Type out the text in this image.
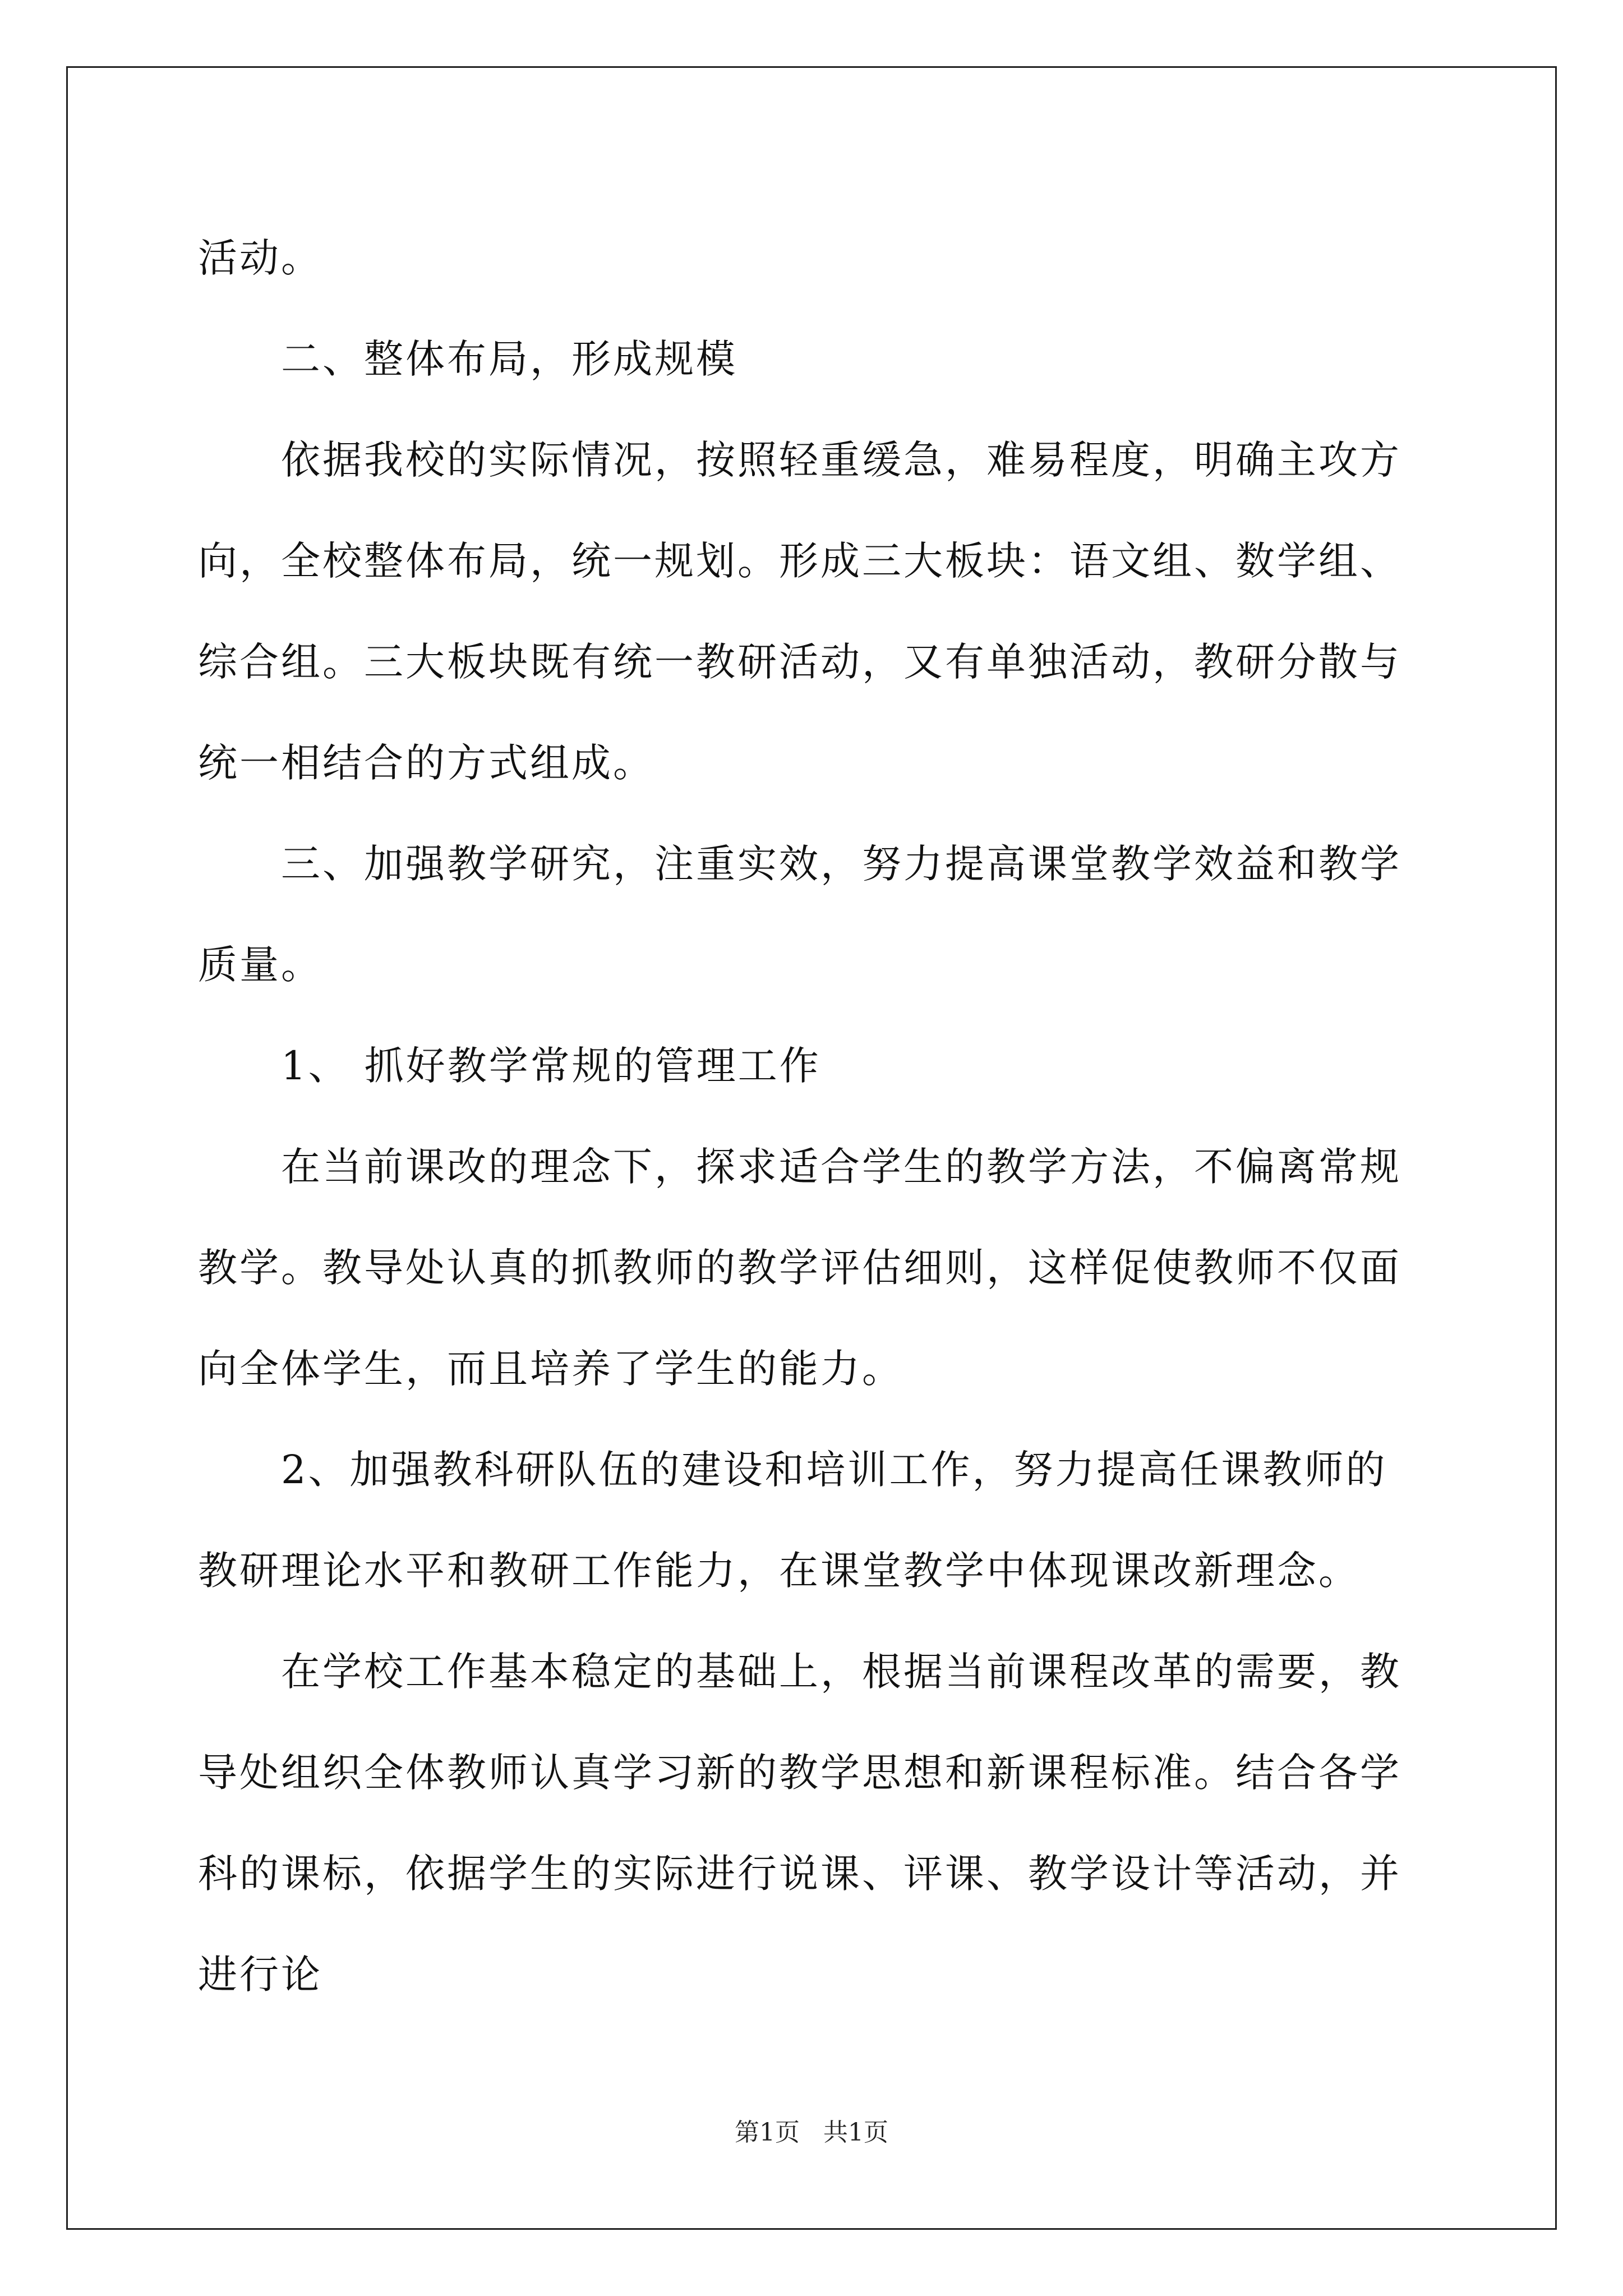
活动。

二、整体布局，形成规模

依据我校的实际情况，按照轻重缓急，难易程度，明确主攻方向，全校整体布局，统一规划。形成三大板块：语文组、数学组、综合组。三大板块既有统一教研活动，又有单独活动，教研分散与统一相结合的方式组成。

三、加强教学研究，注重实效，努力提高课堂教学效益和教学质量。

1、 抓好教学常规的管理工作

在当前课改的理念下，探求适合学生的教学方法，不偏离常规教学。教导处认真的抓教师的教学评估细则，这样促使教师不仅面向全体学生，而且培养了学生的能力。

2、加强教科研队伍的建设和培训工作，努力提高任课教师的教研理论水平和教研工作能力，在课堂教学中体现课改新理念。

在学校工作基本稳定的基础上，根据当前课程改革的需要，教导处组织全体教师认真学习新的教学思想和新课程标准。结合各学科的课标，依据学生的实际进行说课、评课、教学设计等活动，并进行论

第1页 共1页
